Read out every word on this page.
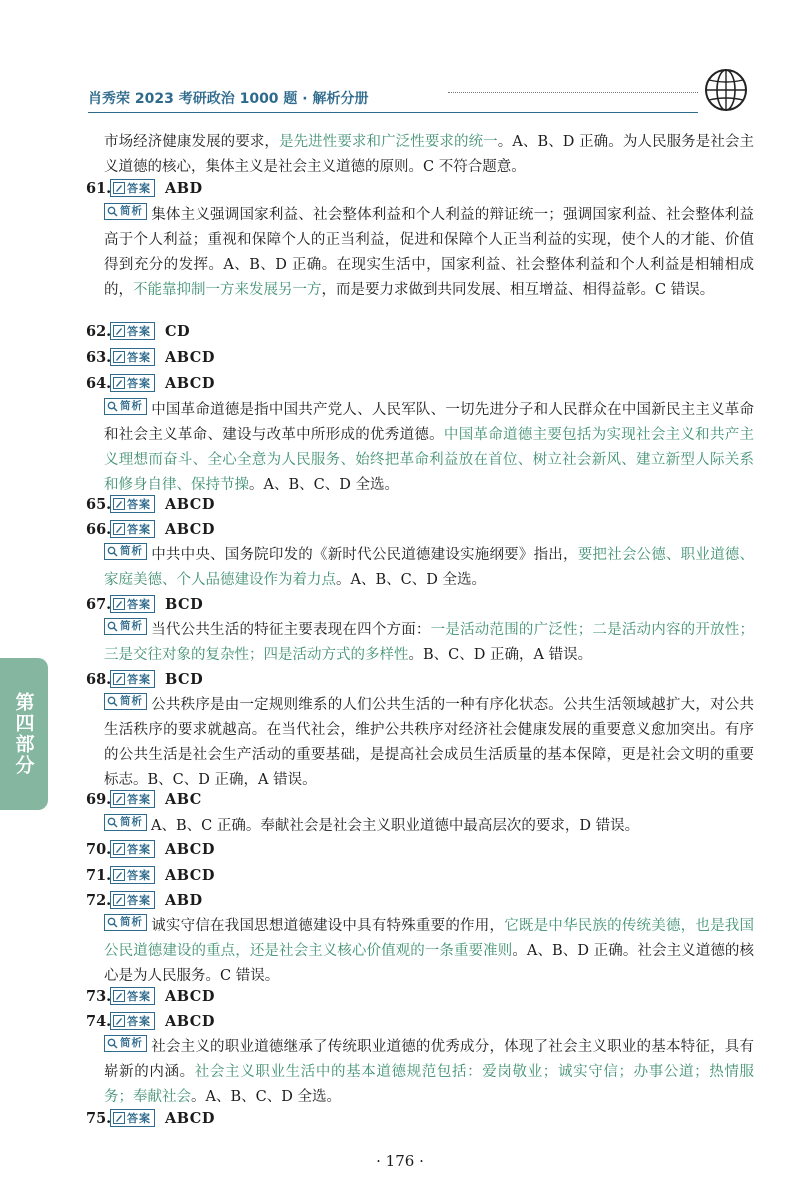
肖秀荣 2023 考研政治 1000 题 · 解析分册
第四部分
市场经济健康发展的要求，是先进性要求和广泛性要求的统一。A、B、D 正确。为人民服务是社会主义道德的核心，集体主义是社会主义道德的原则。C 不符合题意。
61. 答案 ABD
简析 集体主义强调国家利益、社会整体利益和个人利益的辩证统一；强调国家利益、社会整体利益高于个人利益；重视和保障个人的正当利益，促进和保障个人正当利益的实现，使个人的才能、价值得到充分的发挥。A、B、D 正确。在现实生活中，国家利益、社会整体利益和个人利益是相辅相成的，不能靠抑制一方来发展另一方，而是要力求做到共同发展、相互增益、相得益彰。C 错误。
62. 答案 CD
63. 答案 ABCD
64. 答案 ABCD
简析 中国革命道德是指中国共产党人、人民军队、一切先进分子和人民群众在中国新民主主义革命和社会主义革命、建设与改革中所形成的优秀道德。中国革命道德主要包括为实现社会主义和共产主义理想而奋斗、全心全意为人民服务、始终把革命利益放在首位、树立社会新风、建立新型人际关系和修身自律、保持节操。A、B、C、D 全选。
65. 答案 ABCD
66. 答案 ABCD
简析 中共中央、国务院印发的《新时代公民道德建设实施纲要》指出，要把社会公德、职业道德、家庭美德、个人品德建设作为着力点。A、B、C、D 全选。
67. 答案 BCD
简析 当代公共生活的特征主要表现在四个方面：一是活动范围的广泛性；二是活动内容的开放性；三是交往对象的复杂性；四是活动方式的多样性。B、C、D 正确，A 错误。
68. 答案 BCD
简析 公共秩序是由一定规则维系的人们公共生活的一种有序化状态。公共生活领域越扩大，对公共生活秩序的要求就越高。在当代社会，维护公共秩序对经济社会健康发展的重要意义愈加突出。有序的公共生活是社会生产活动的重要基础，是提高社会成员生活质量的基本保障，更是社会文明的重要标志。B、C、D 正确，A 错误。
69. 答案 ABC
简析 A、B、C 正确。奉献社会是社会主义职业道德中最高层次的要求，D 错误。
70. 答案 ABCD
71. 答案 ABCD
72. 答案 ABD
简析 诚实守信在我国思想道德建设中具有特殊重要的作用，它既是中华民族的传统美德，也是我国公民道德建设的重点，还是社会主义核心价值观的一条重要准则。A、B、D 正确。社会主义道德的核心是为人民服务。C 错误。
73. 答案 ABCD
74. 答案 ABCD
简析 社会主义的职业道德继承了传统职业道德的优秀成分，体现了社会主义职业的基本特征，具有崭新的内涵。社会主义职业生活中的基本道德规范包括：爱岗敬业；诚实守信；办事公道；热情服务；奉献社会。A、B、C、D 全选。
75. 答案 ABCD
· 176 ·
